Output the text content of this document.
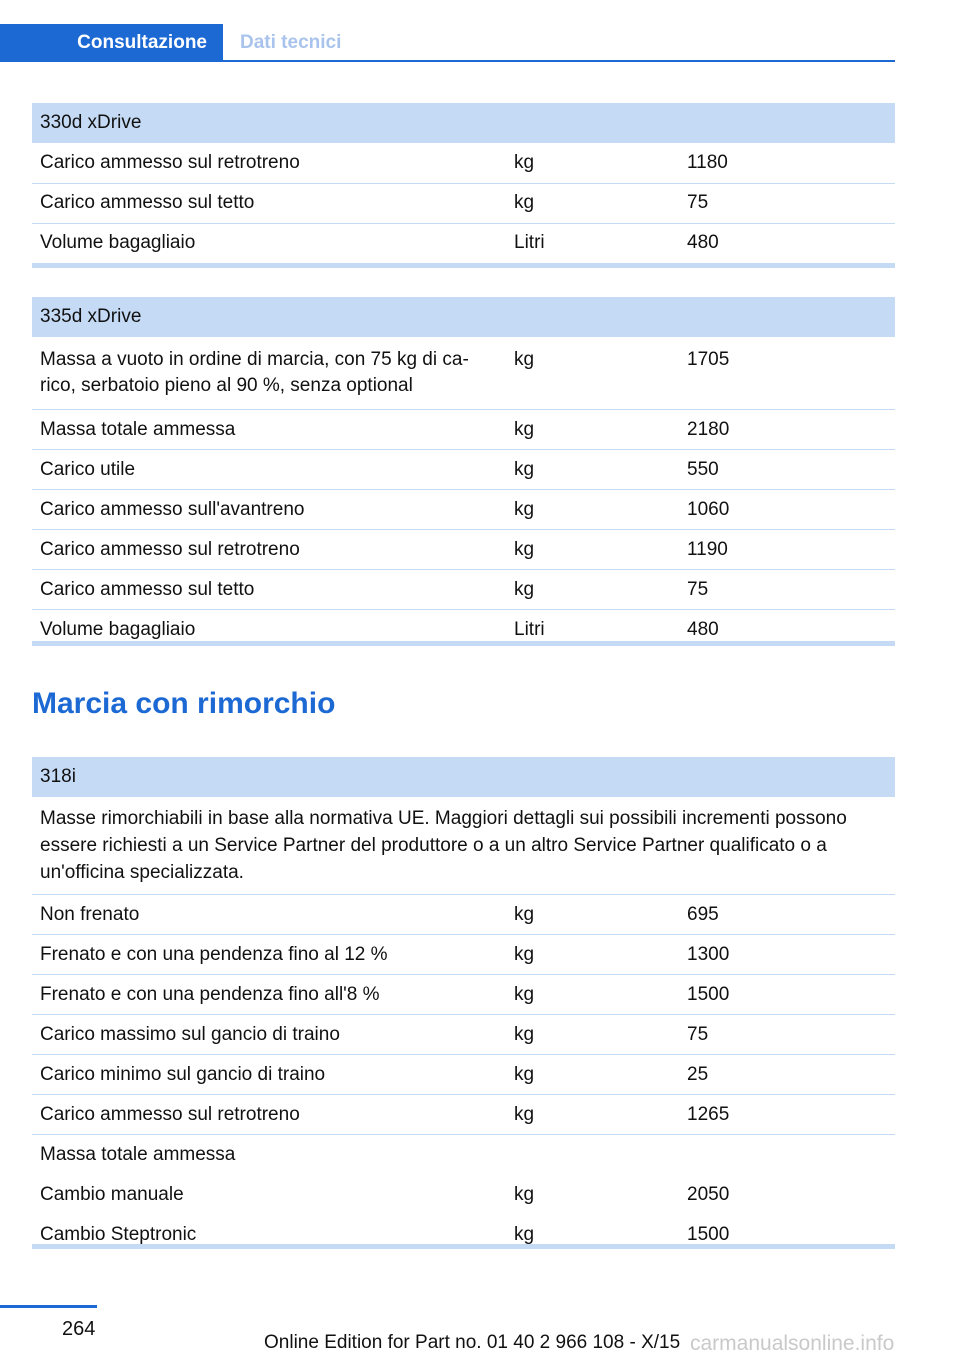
Consultazione	Dati tecnici
330d xDrive		
Carico ammesso sul retrotreno	kg	1180
Carico ammesso sul tetto	kg	75
Volume bagagliaio	Litri	480
335d xDrive		
Massa a vuoto in ordine di marcia, con 75 kg di ca-
rico, serbatoio pieno al 90 %, senza optional	kg	1705
Massa totale ammessa	kg	2180
Carico utile	kg	550
Carico ammesso sull'avantreno	kg	1060
Carico ammesso sul retrotreno	kg	1190
Carico ammesso sul tetto	kg	75
Volume bagagliaio	Litri	480
Marcia con rimorchio
318i		
Masse rimorchiabili in base alla normativa UE. Maggiori dettagli sui possibili incrementi possono essere richiesti a un Service Partner del produttore o a un altro Service Partner qualificato o a un'officina specializzata.		
Non frenato	kg	695
Frenato e con una pendenza fino al 12 %	kg	1300
Frenato e con una pendenza fino all'8 %	kg	1500
Carico massimo sul gancio di traino	kg	75
Carico minimo sul gancio di traino	kg	25
Carico ammesso sul retrotreno	kg	1265
Massa totale ammessa		
Cambio manuale	kg	2050
Cambio Steptronic	kg	1500
264
Online Edition for Part no. 01 40 2 966 108 - X/15 carmanualsonline.info
